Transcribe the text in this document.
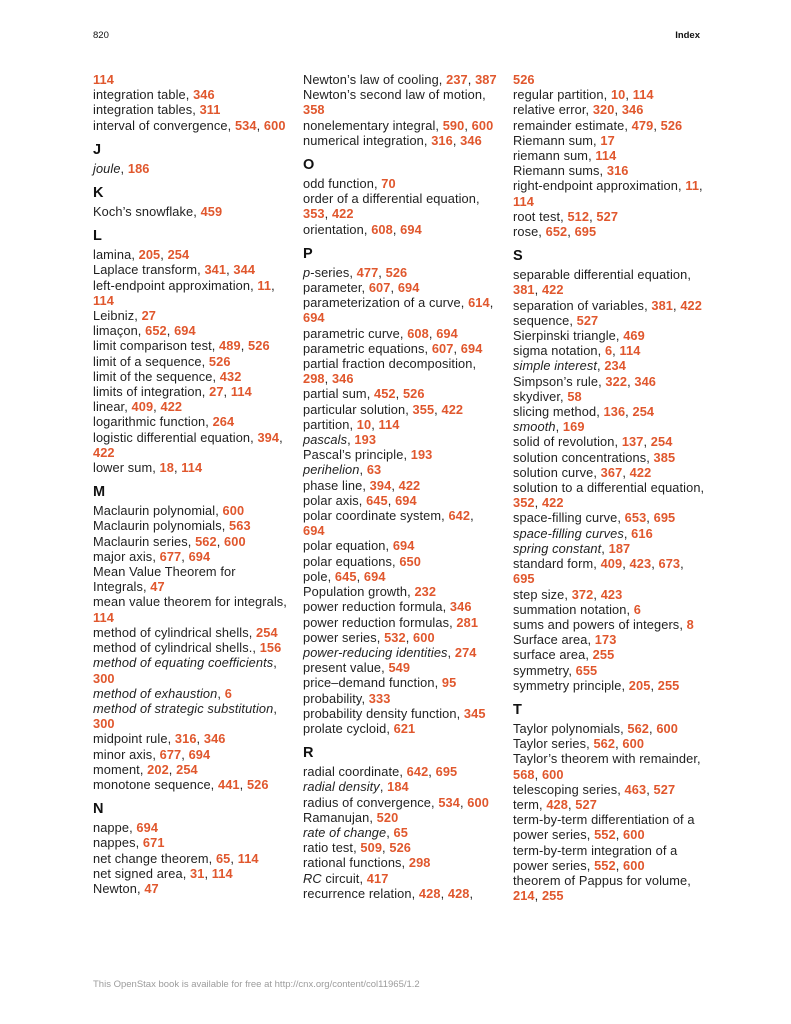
820	Index
114
integration table, 346
integration tables, 311
interval of convergence, 534, 600
J
joule, 186
K
Koch’s snowflake, 459
L
lamina, 205, 254
Laplace transform, 341, 344
left-endpoint approximation, 11, 114
Leibniz, 27
limaçon, 652, 694
limit comparison test, 489, 526
limit of a sequence, 526
limit of the sequence, 432
limits of integration, 27, 114
linear, 409, 422
logarithmic function, 264
logistic differential equation, 394, 422
lower sum, 18, 114
M
Maclaurin polynomial, 600
Maclaurin polynomials, 563
Maclaurin series, 562, 600
major axis, 677, 694
Mean Value Theorem for Integrals, 47
mean value theorem for integrals, 114
method of cylindrical shells, 254
method of cylindrical shells., 156
method of equating coefficients, 300
method of exhaustion, 6
method of strategic substitution, 300
midpoint rule, 316, 346
minor axis, 677, 694
moment, 202, 254
monotone sequence, 441, 526
N
nappe, 694
nappes, 671
net change theorem, 65, 114
net signed area, 31, 114
Newton, 47
Newton’s law of cooling, 237, 387
Newton’s second law of motion, 358
nonelementary integral, 590, 600
numerical integration, 316, 346
O
odd function, 70
order of a differential equation, 353, 422
orientation, 608, 694
P
p-series, 477, 526
parameter, 607, 694
parameterization of a curve, 614, 694
parametric curve, 608, 694
parametric equations, 607, 694
partial fraction decomposition, 298, 346
partial sum, 452, 526
particular solution, 355, 422
partition, 10, 114
pascals, 193
Pascal’s principle, 193
perihelion, 63
phase line, 394, 422
polar axis, 645, 694
polar coordinate system, 642, 694
polar equation, 694
polar equations, 650
pole, 645, 694
Population growth, 232
power reduction formula, 346
power reduction formulas, 281
power series, 532, 600
power-reducing identities, 274
present value, 549
price–demand function, 95
probability, 333
probability density function, 345
prolate cycloid, 621
R
radial coordinate, 642, 695
radial density, 184
radius of convergence, 534, 600
Ramanujan, 520
rate of change, 65
ratio test, 509, 526
rational functions, 298
RC circuit, 417
recurrence relation, 428, 428,
526
regular partition, 10, 114
relative error, 320, 346
remainder estimate, 479, 526
Riemann sum, 17
riemann sum, 114
Riemann sums, 316
right-endpoint approximation, 11, 114
root test, 512, 527
rose, 652, 695
S
separable differential equation, 381, 422
separation of variables, 381, 422
sequence, 527
Sierpinski triangle, 469
sigma notation, 6, 114
simple interest, 234
Simpson’s rule, 322, 346
skydiver, 58
slicing method, 136, 254
smooth, 169
solid of revolution, 137, 254
solution concentrations, 385
solution curve, 367, 422
solution to a differential equation, 352, 422
space-filling curve, 653, 695
space-filling curves, 616
spring constant, 187
standard form, 409, 423, 673, 695
step size, 372, 423
summation notation, 6
sums and powers of integers, 8
Surface area, 173
surface area, 255
symmetry, 655
symmetry principle, 205, 255
T
Taylor polynomials, 562, 600
Taylor series, 562, 600
Taylor’s theorem with remainder, 568, 600
telescoping series, 463, 527
term, 428, 527
term-by-term differentiation of a power series, 552, 600
term-by-term integration of a power series, 552, 600
theorem of Pappus for volume, 214, 255
This OpenStax book is available for free at http://cnx.org/content/col11965/1.2
